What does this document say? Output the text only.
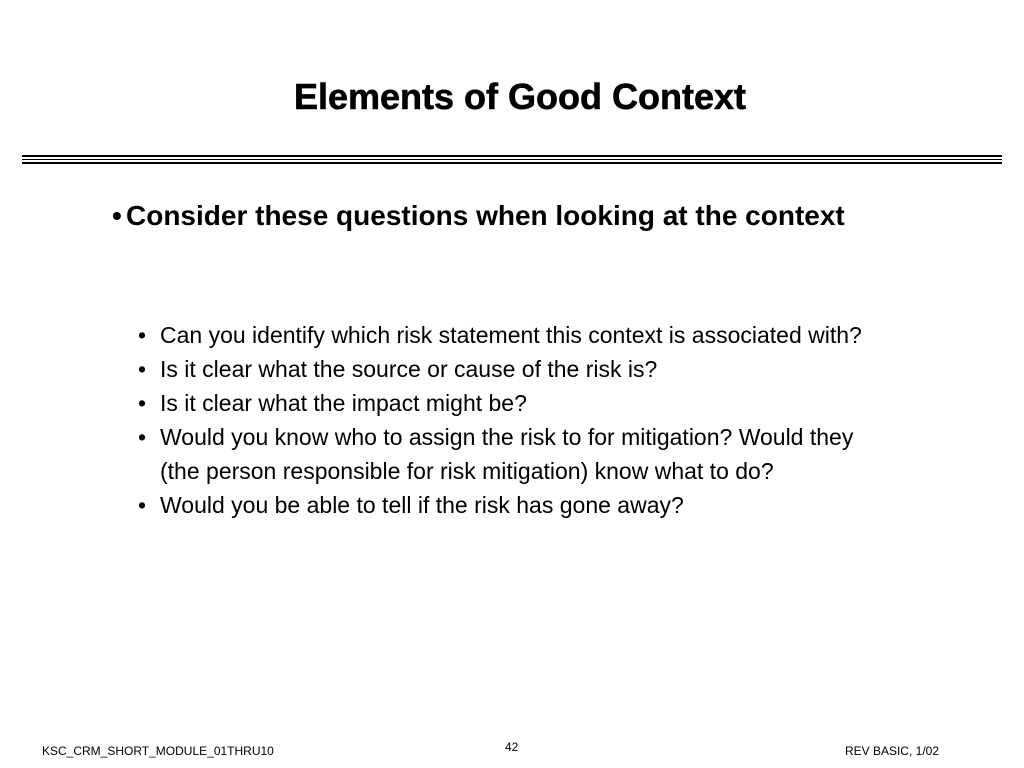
Elements of Good Context
• Consider these questions when looking at the context
• Can you identify which risk statement this context is associated with?
• Is it clear what the source or cause of the risk is?
• Is it clear what the impact might be?
• Would you know who to assign the risk to for mitigation? Would they (the person responsible for risk mitigation) know what to do?
• Would you be able to tell if the risk has gone away?
KSC_CRM_SHORT_MODULE_01THRU10	42	REV BASIC, 1/02
